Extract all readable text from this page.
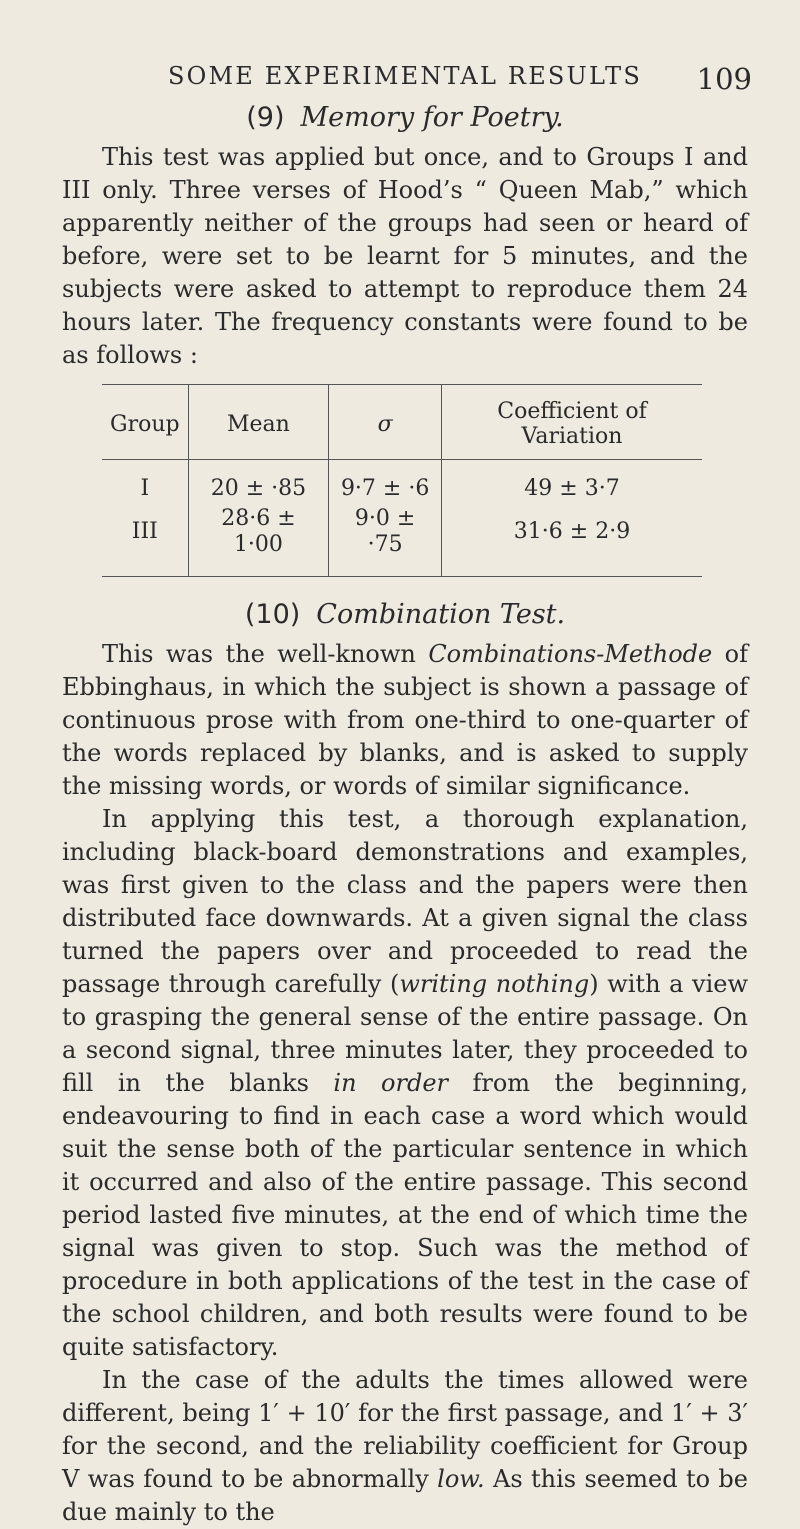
SOME EXPERIMENTAL RESULTS 109
(9) Memory for Poetry.

This test was applied but once, and to Groups I and III only. Three verses of Hood’s “ Queen Mab,” which apparently neither of the groups had seen or heard of before, were set to be learnt for 5 minutes, and the subjects were asked to attempt to reproduce them 24 hours later. The frequency constants were found to be as follows :

Group	Mean	σ	Coefficient of Variation
I	20 ± ·85	9·7 ± ·6	49 ± 3·7
III	28·6 ± 1·00	9·0 ± ·75	31·6 ± 2·9
(10) Combination Test.

This was the well-known Combinations-Methode of Ebbinghaus, in which the subject is shown a passage of continuous prose with from one-third to one-quarter of the words replaced by blanks, and is asked to supply the missing words, or words of similar significance.

In applying this test, a thorough explanation, including black-board demonstrations and examples, was first given to the class and the papers were then distributed face downwards. At a given signal the class turned the papers over and proceeded to read the passage through carefully (writing nothing) with a view to grasping the general sense of the entire passage. On a second signal, three minutes later, they proceeded to fill in the blanks in order from the beginning, endeavouring to find in each case a word which would suit the sense both of the particular sentence in which it occurred and also of the entire passage. This second period lasted five minutes, at the end of which time the signal was given to stop. Such was the method of procedure in both applications of the test in the case of the school children, and both results were found to be quite satisfactory.

In the case of the adults the times allowed were different, being 1′ + 10′ for the first passage, and 1′ + 3′ for the second, and the reliability coefficient for Group V was found to be abnormally low. As this seemed to be due mainly to the
